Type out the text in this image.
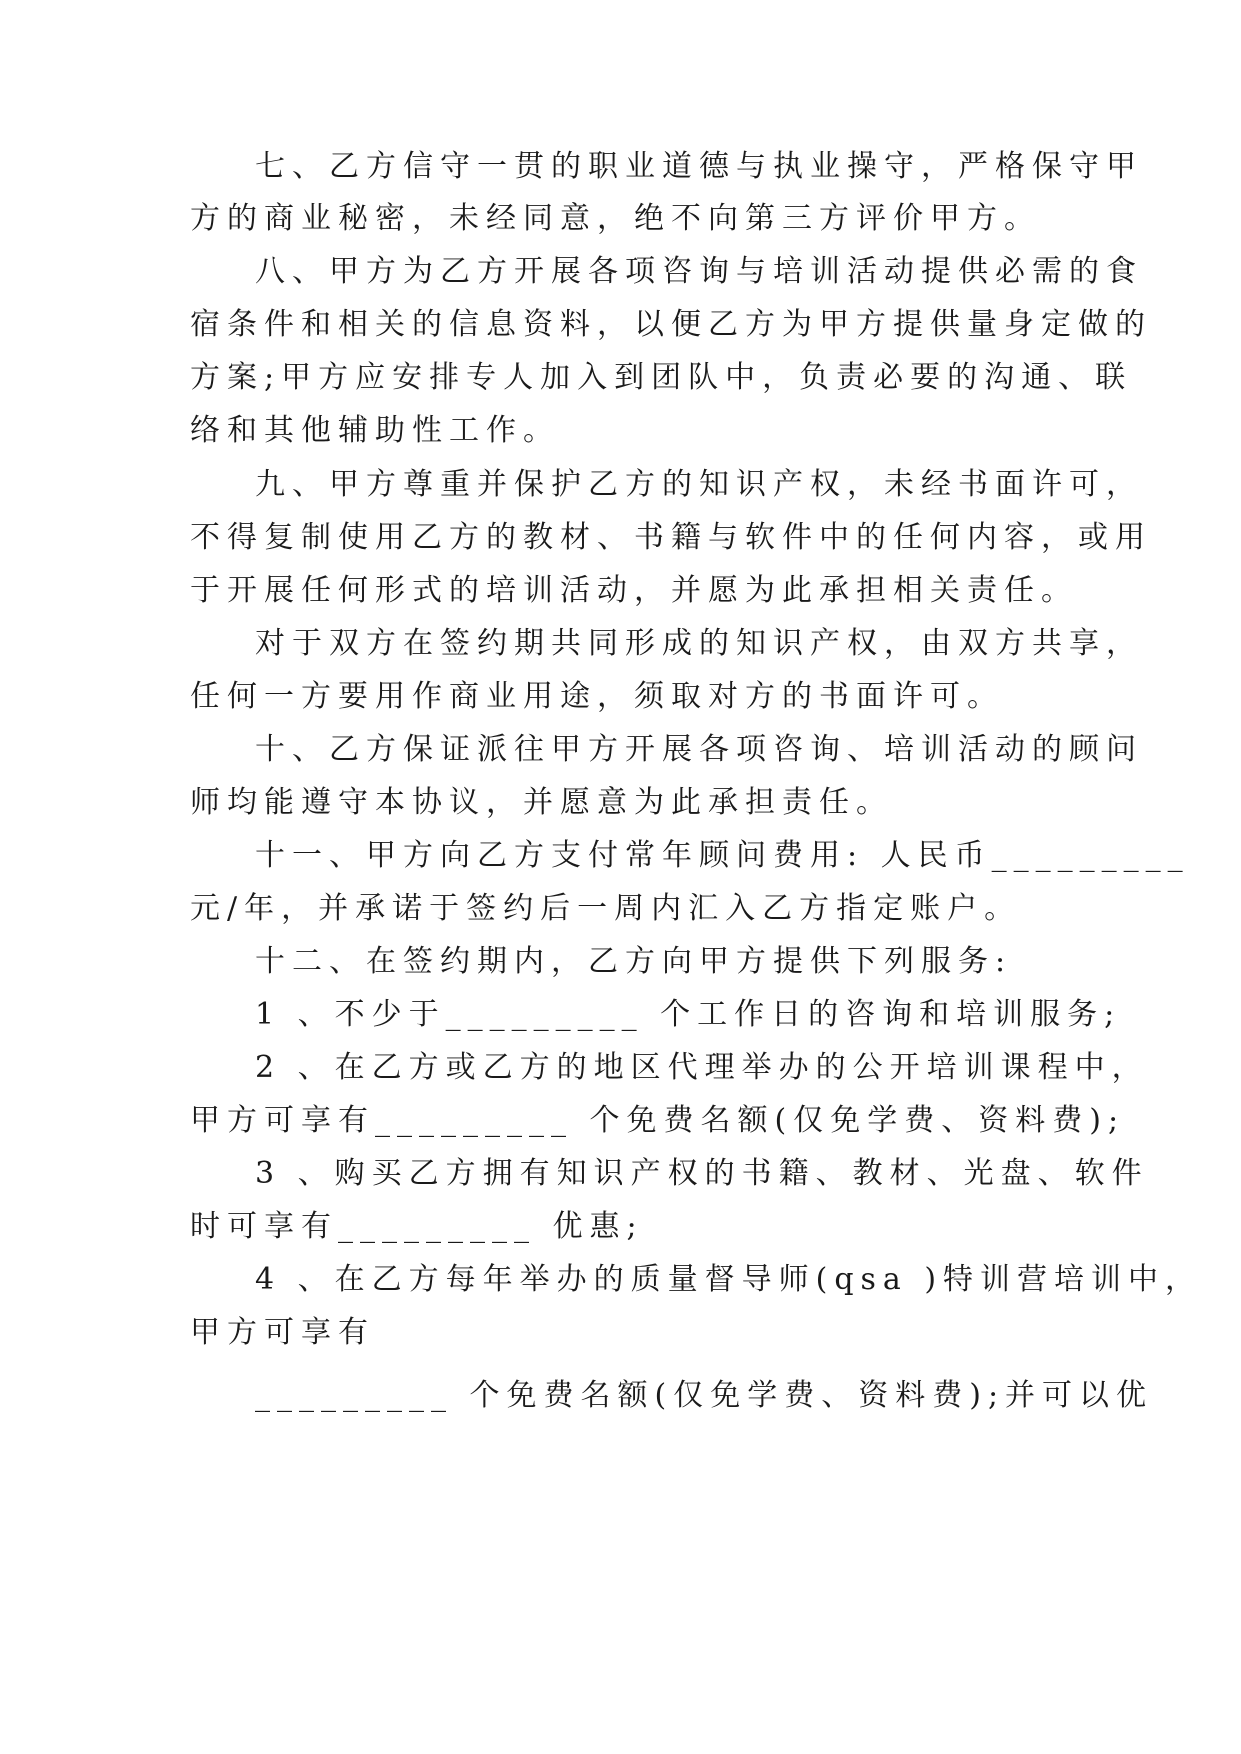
七、乙方信守一贯的职业道德与执业操守，严格保守甲
方的商业秘密，未经同意，绝不向第三方评价甲方。
八、甲方为乙方开展各项咨询与培训活动提供必需的食
宿条件和相关的信息资料，以便乙方为甲方提供量身定做的
方案;甲方应安排专人加入到团队中，负责必要的沟通、联
络和其他辅助性工作。
九、甲方尊重并保护乙方的知识产权，未经书面许可，
不得复制使用乙方的教材、书籍与软件中的任何内容，或用
于开展任何形式的培训活动，并愿为此承担相关责任。
对于双方在签约期共同形成的知识产权，由双方共享，
任何一方要用作商业用途，须取对方的书面许可。
十、乙方保证派往甲方开展各项咨询、培训活动的顾问
师均能遵守本协议，并愿意为此承担责任。
十一、甲方向乙方支付常年顾问费用: 人民币_________
元/年，并承诺于签约后一周内汇入乙方指定账户。
十二、在签约期内，乙方向甲方提供下列服务:
1 、不少于_________ 个工作日的咨询和培训服务;
2 、在乙方或乙方的地区代理举办的公开培训课程中，
甲方可享有_________ 个免费名额(仅免学费、资料费);
3 、购买乙方拥有知识产权的书籍、教材、光盘、软件
时可享有_________ 优惠;
4 、在乙方每年举办的质量督导师(qsa )特训营培训中，
甲方可享有
_________ 个免费名额(仅免学费、资料费);并可以优
